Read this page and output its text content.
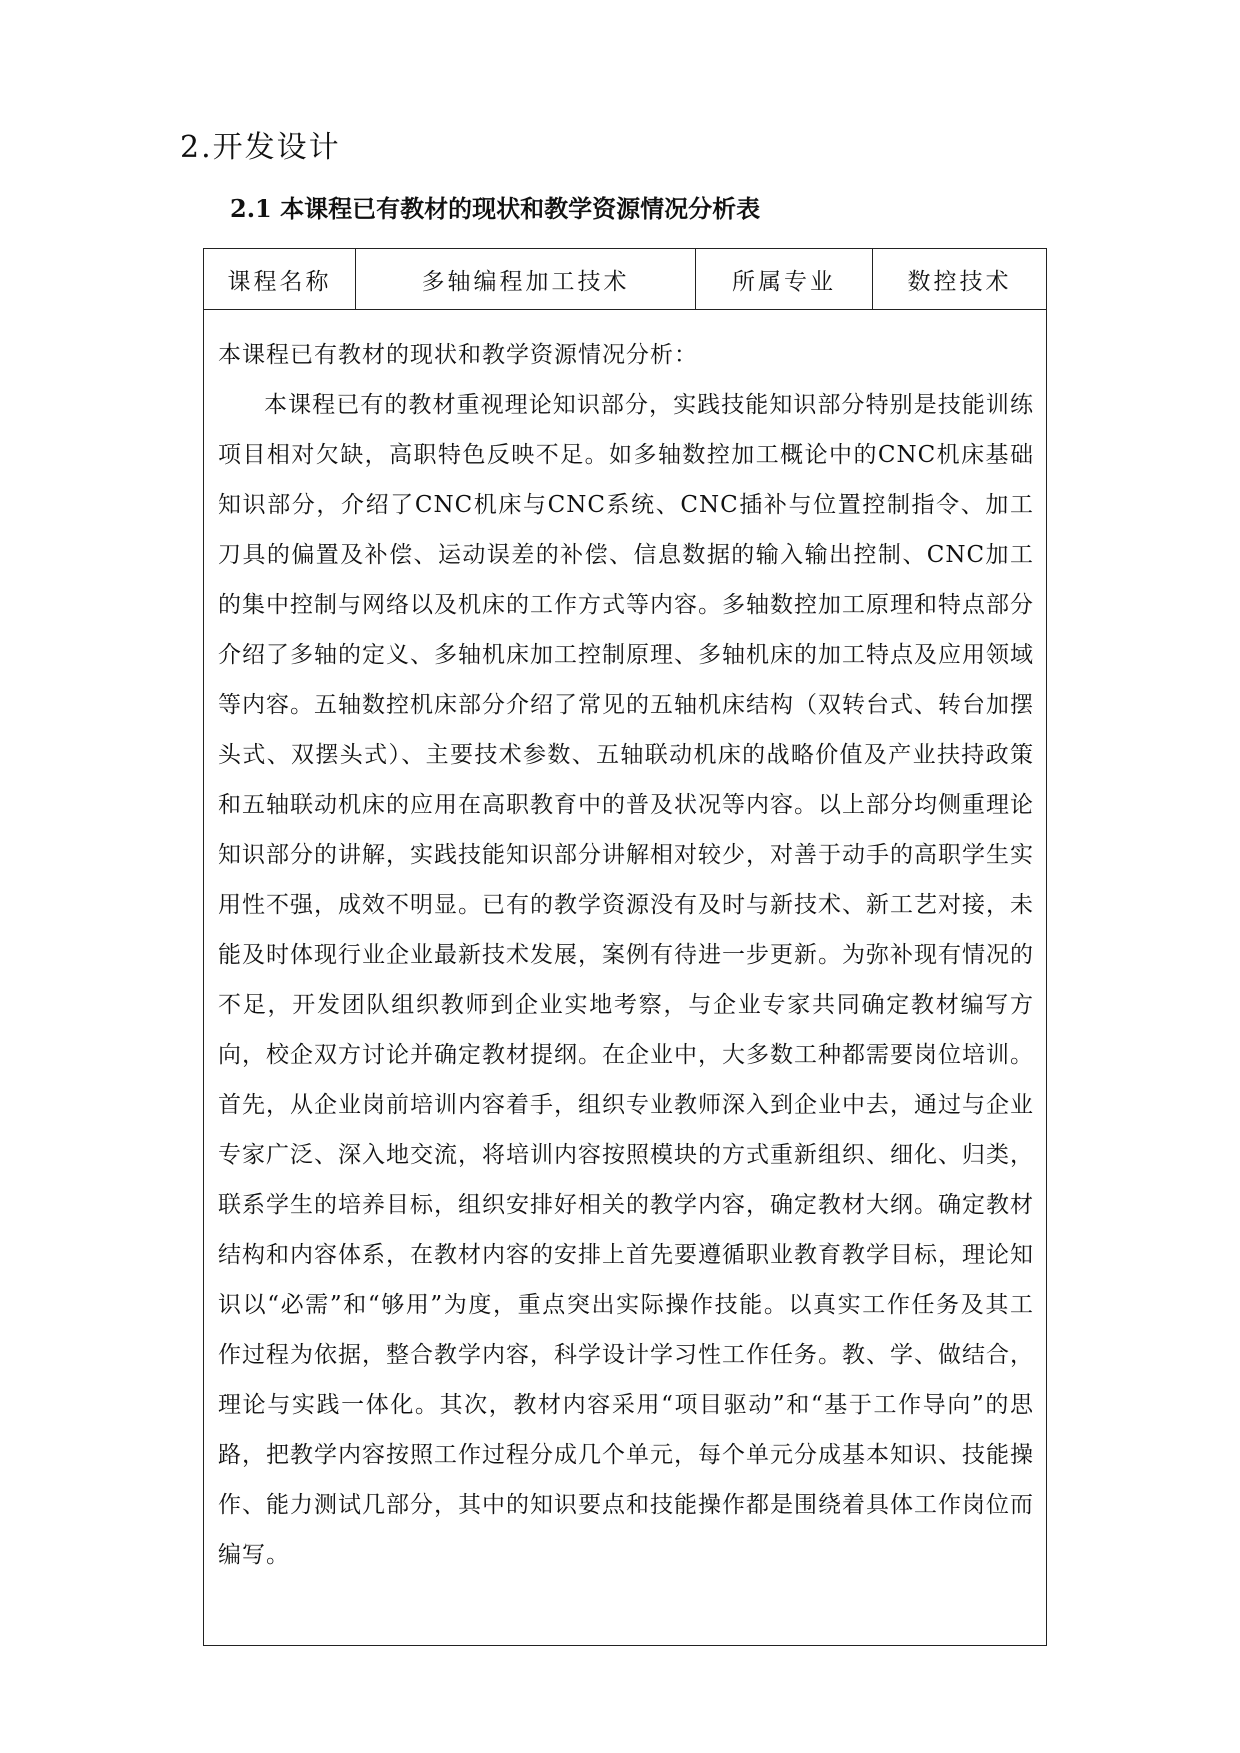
2.开发设计
2.1 本课程已有教材的现状和教学资源情况分析表
课程名称	多轴编程加工技术	所属专业	数控技术

本课程已有教材的现状和教学资源情况分析：

本课程已有的教材重视理论知识部分，实践技能知识部分特别是技能训练项目相对欠缺，高职特色反映不足。如多轴数控加工概论中的CNC机床基础知识部分，介绍了CNC机床与CNC系统、CNC插补与位置控制指令、加工刀具的偏置及补偿、运动误差的补偿、信息数据的输入输出控制、CNC加工的集中控制与网络以及机床的工作方式等内容。多轴数控加工原理和特点部分介绍了多轴的定义、多轴机床加工控制原理、多轴机床的加工特点及应用领域等内容。五轴数控机床部分介绍了常见的五轴机床结构（双转台式、转台加摆头式、双摆头式）、主要技术参数、五轴联动机床的战略价值及产业扶持政策和五轴联动机床的应用在高职教育中的普及状况等内容。以上部分均侧重理论知识部分的讲解，实践技能知识部分讲解相对较少，对善于动手的高职学生实用性不强，成效不明显。已有的教学资源没有及时与新技术、新工艺对接，未能及时体现行业企业最新技术发展，案例有待进一步更新。为弥补现有情况的不足，开发团队组织教师到企业实地考察，与企业专家共同确定教材编写方向，校企双方讨论并确定教材提纲。在企业中，大多数工种都需要岗位培训。首先，从企业岗前培训内容着手，组织专业教师深入到企业中去，通过与企业专家广泛、深入地交流，将培训内容按照模块的方式重新组织、细化、归类，联系学生的培养目标，组织安排好相关的教学内容，确定教材大纲。确定教材结构和内容体系，在教材内容的安排上首先要遵循职业教育教学目标，理论知识以“必需”和“够用”为度，重点突出实际操作技能。以真实工作任务及其工作过程为依据，整合教学内容，科学设计学习性工作任务。教、学、做结合，理论与实践一体化。其次，教材内容采用“项目驱动”和“基于工作导向”的思路，把教学内容按照工作过程分成几个单元，每个单元分成基本知识、技能操作、能力测试几部分，其中的知识要点和技能操作都是围绕着具体工作岗位而编写。
